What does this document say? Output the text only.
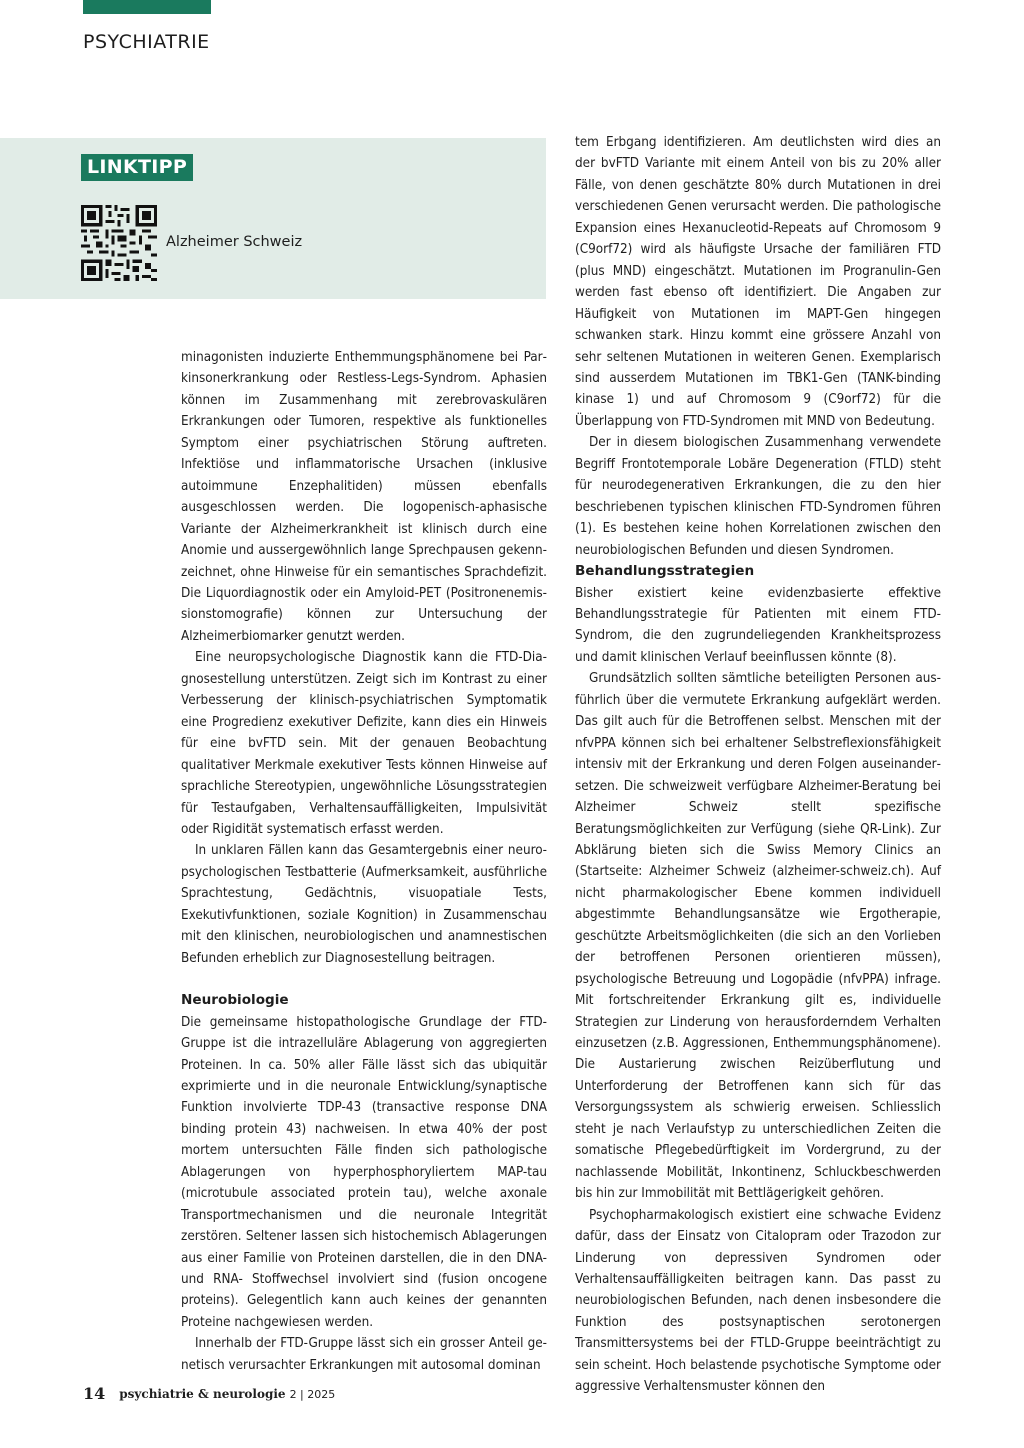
PSYCHIATRIE
LINKTIPP
Alzheimer Schweiz

minagonisten induzierte Enthemmungsphänomene bei Parkinsonerkrankung oder Restless-Legs-Syndrom. Aphasien können im Zusammenhang mit zerebrovaskulären Erkrankungen oder Tumoren, respektive als funktionelles Symptom einer psychiatrischen Störung auftreten. Infektiöse und inflammatorische Ursachen (inklusive autoimmune Enzephalitiden) müssen ebenfalls ausgeschlossen werden. Die logopenisch-aphasische Variante der Alzheimerkrankheit ist klinisch durch eine Anomie und aussergewöhnlich lange Sprechpausen gekennzeichnet, ohne Hinweise für ein semantisches Sprachdefizit. Die Liquordiagnostik oder ein Amyloid-PET (Positronenemissionstomografie) können zur Untersuchung der Alzheimerbiomarker genutzt werden.

Eine neuropsychologische Diagnostik kann die FTD-Diagnosestellung unterstützen. Zeigt sich im Kontrast zu einer Verbesserung der klinisch-psychiatrischen Symptomatik eine Progredienz exekutiver Defizite, kann dies ein Hinweis für eine bvFTD sein. Mit der genauen Beobachtung qualitativer Merkmale exekutiver Tests können Hinweise auf sprachliche Stereotypien, ungewöhnliche Lösungsstrategien für Testaufgaben, Verhaltensauffälligkeiten, Impulsivität oder Rigidität systematisch erfasst werden.

In unklaren Fällen kann das Gesamtergebnis einer neuropsychologischen Testbatterie (Aufmerksamkeit, ausführliche Sprachtestung, Gedächtnis, visuopatiale Tests, Exekutivfunktionen, soziale Kognition) in Zusammenschau mit den klinischen, neurobiologischen und anamnestischen Befunden erheblich zur Diagnosestellung beitragen.

Neurobiologie

Die gemeinsame histopathologische Grundlage der FTD-Gruppe ist die intrazelluläre Ablagerung von aggregierten Proteinen. In ca. 50% aller Fälle lässt sich das ubiquitär exprimierte und in die neuronale Entwicklung/synaptische Funktion involvierte TDP-43 (transactive response DNA binding protein 43) nachweisen. In etwa 40% der post mortem untersuchten Fälle finden sich pathologische Ablagerungen von hyperphosphoryliertem MAP-tau (microtubule associated protein tau), welche axonale Transportmechanismen und die neuronale Integrität zerstören. Seltener lassen sich histochemisch Ablagerungen aus einer Familie von Proteinen darstellen, die in den DNA- und RNA- Stoffwechsel involviert sind (fusion oncogene proteins). Gelegentlich kann auch keines der genannten Proteine nachgewiesen werden.

Innerhalb der FTD-Gruppe lässt sich ein grosser Anteil genetisch verursachter Erkrankungen mit autosomal dominan

tem Erbgang identifizieren. Am deutlichsten wird dies an der bvFTD Variante mit einem Anteil von bis zu 20% aller Fälle, von denen geschätzte 80% durch Mutationen in drei verschiedenen Genen verursacht werden. Die pathologische Expansion eines Hexanucleotid-Repeats auf Chromosom 9 (C9orf72) wird als häufigste Ursache der familiären FTD (plus MND) eingeschätzt. Mutationen im Progranulin-Gen werden fast ebenso oft identifiziert. Die Angaben zur Häufigkeit von Mutationen im MAPT-Gen hingegen schwanken stark. Hinzu kommt eine grössere Anzahl von sehr seltenen Mutationen in weiteren Genen. Exemplarisch sind ausserdem Mutationen im TBK1-Gen (TANK-binding kinase 1) und auf Chromosom 9 (C9orf72) für die Überlappung von FTD-Syndromen mit MND von Bedeutung.

Der in diesem biologischen Zusammenhang verwendete Begriff Frontotemporale Lobäre Degeneration (FTLD) steht für neurodegenerativen Erkrankungen, die zu den hier beschriebenen typischen klinischen FTD-Syndromen führen (1). Es bestehen keine hohen Korrelationen zwischen den neurobiologischen Befunden und diesen Syndromen.

Behandlungsstrategien

Bisher existiert keine evidenzbasierte effektive Behandlungsstrategie für Patienten mit einem FTD-Syndrom, die den zugrundeliegenden Krankheitsprozess und damit klinischen Verlauf beeinflussen könnte (8).

Grundsätzlich sollten sämtliche beteiligten Personen ausführlich über die vermutete Erkrankung aufgeklärt werden. Das gilt auch für die Betroffenen selbst. Menschen mit der nfvPPA können sich bei erhaltener Selbstreflexionsfähigkeit intensiv mit der Erkrankung und deren Folgen auseinandersetzen. Die schweizweit verfügbare Alzheimer-Beratung bei Alzheimer Schweiz stellt spezifische Beratungsmöglichkeiten zur Verfügung (siehe QR-Link). Zur Abklärung bieten sich die Swiss Memory Clinics an (Startseite: Alzheimer Schweiz (alzheimer-schweiz.ch). Auf nicht pharmakologischer Ebene kommen individuell abgestimmte Behandlungsansätze wie Ergotherapie, geschützte Arbeitsmöglichkeiten (die sich an den Vorlieben der betroffenen Personen orientieren müssen), psychologische Betreuung und Logopädie (nfvPPA) infrage. Mit fortschreitender Erkrankung gilt es, individuelle Strategien zur Linderung von herausforderndem Verhalten einzusetzen (z.B. Aggressionen, Enthemmungsphänomene). Die Austarierung zwischen Reizüberflutung und Unterforderung der Betroffenen kann sich für das Versorgungssystem als schwierig erweisen. Schliesslich steht je nach Verlaufstyp zu unterschiedlichen Zeiten die somatische Pflegebedürftigkeit im Vordergrund, zu der nachlassende Mobilität, Inkontinenz, Schluckbeschwerden bis hin zur Immobilität mit Bettlägerigkeit gehören.

Psychopharmakologisch existiert eine schwache Evidenz dafür, dass der Einsatz von Citalopram oder Trazodon zur Linderung von depressiven Syndromen oder Verhaltensauffälligkeiten beitragen kann. Das passt zu neurobiologischen Befunden, nach denen insbesondere die Funktion des postsynaptischen serotonergen Transmittersystems bei der FTLD-Gruppe beeinträchtigt zu sein scheint. Hoch belastende psychotische Symptome oder aggressive Verhaltensmuster können den

14 psychiatrie & neurologie 2 | 2025
